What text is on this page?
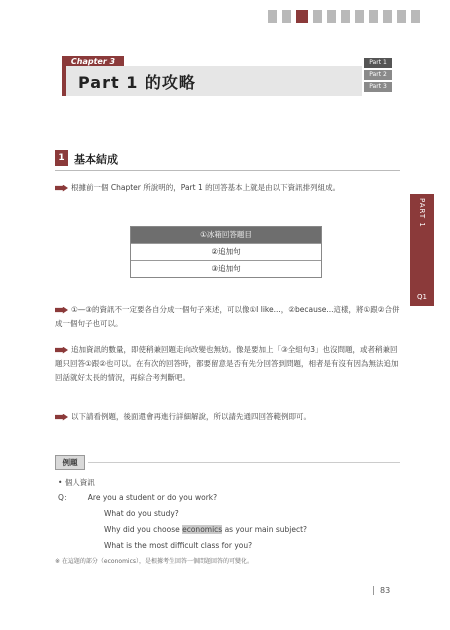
Chapter 3
Part 1 的攻略
Part 1
Part 2
Part 3
1 基本結成
PART 1
Q1
根據前一個 Chapter 所說明的，Part 1 的回答基本上就是由以下資訊排列組成。
①冰箱回答題目
②追加句
③追加句
①—③的資訊不一定要各自分成一個句子來述，可以像①I like...，②because...這樣，將①跟②合併成一個句子也可以。
追加資訊的數量，即使稍兼回題走向改變也無妨。像是要加上「③全組句3」也沒問題，或者稍兼回題只回答①跟②也可以。在有次的回答時，都要留意是否有先分回答到問題，相者是有沒有因為無法追加回話就好太長的情況，再綜合考判斷吧。
以下請看例題，後面還會再進行詳細解說，所以請先通四回答範例即可。
例題
• 個人資訊
Q： Are you a student or do you work?
What do you study?
Why did you choose economics as your main subject?
What is the most difficult class for you?
※ 在這題的部分（economics），是根據考生回答一個問題回答的可變化。
83
